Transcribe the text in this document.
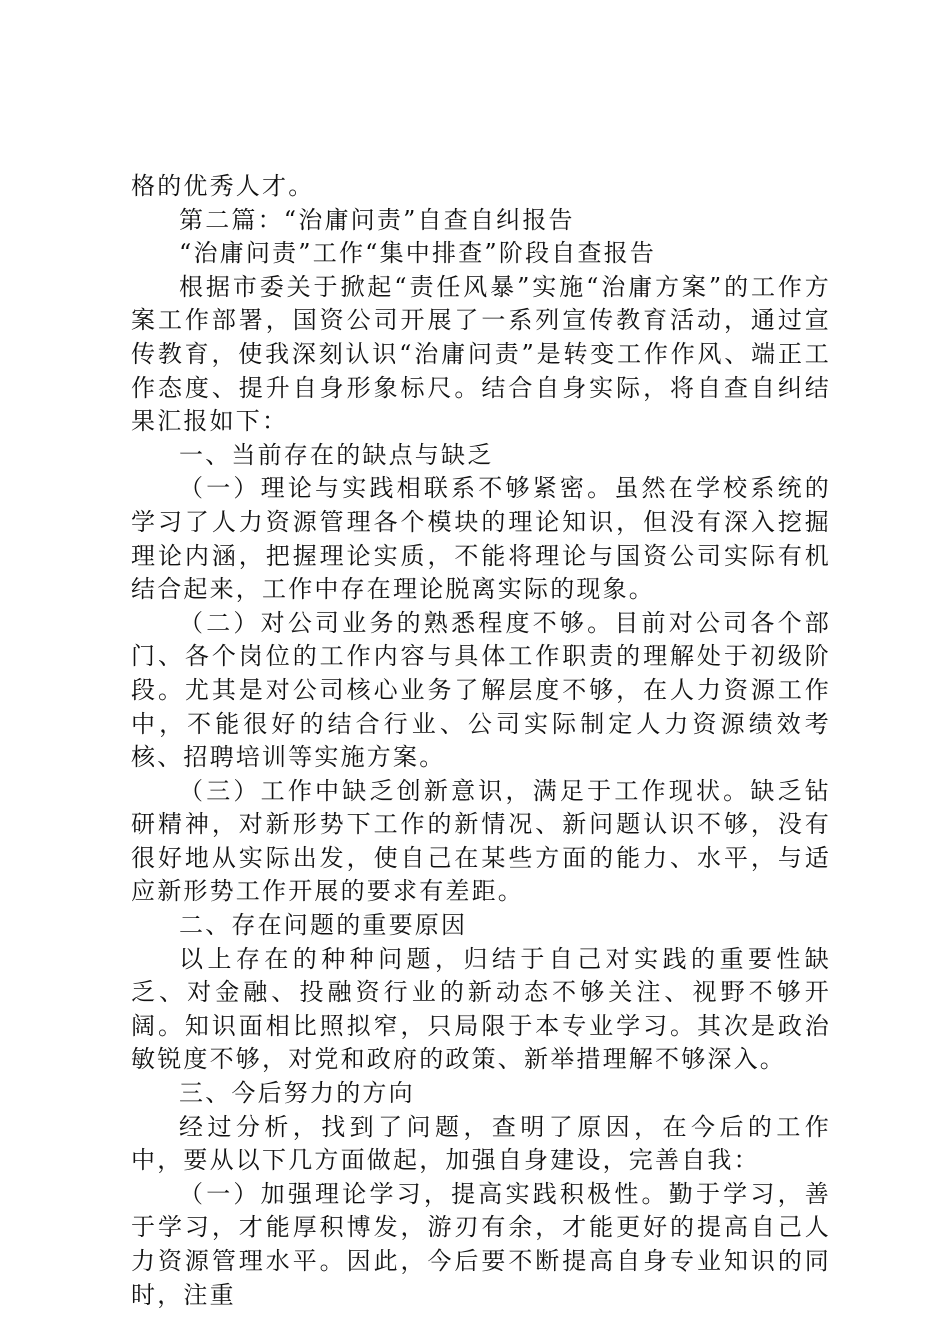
格的优秀人才。

第二篇：“治庸问责”自查自纠报告

“治庸问责”工作“集中排查”阶段自查报告

根据市委关于掀起“责任风暴”实施“治庸方案”的工作方案工作部署，国资公司开展了一系列宣传教育活动，通过宣传教育，使我深刻认识“治庸问责”是转变工作作风、端正工作态度、提升自身形象标尺。结合自身实际，将自查自纠结果汇报如下：

一、当前存在的缺点与缺乏

（一）理论与实践相联系不够紧密。虽然在学校系统的学习了人力资源管理各个模块的理论知识，但没有深入挖掘理论内涵，把握理论实质，不能将理论与国资公司实际有机结合起来，工作中存在理论脱离实际的现象。

（二）对公司业务的熟悉程度不够。目前对公司各个部门、各个岗位的工作内容与具体工作职责的理解处于初级阶段。尤其是对公司核心业务了解层度不够，在人力资源工作中，不能很好的结合行业、公司实际制定人力资源绩效考核、招聘培训等实施方案。

（三）工作中缺乏创新意识，满足于工作现状。缺乏钻研精神，对新形势下工作的新情况、新问题认识不够，没有很好地从实际出发，使自己在某些方面的能力、水平，与适应新形势工作开展的要求有差距。

二、存在问题的重要原因

以上存在的种种问题，归结于自己对实践的重要性缺乏、对金融、投融资行业的新动态不够关注、视野不够开阔。知识面相比照拟窄，只局限于本专业学习。其次是政治敏锐度不够，对党和政府的政策、新举措理解不够深入。

三、今后努力的方向

经过分析，找到了问题，查明了原因，在今后的工作中，要从以下几方面做起，加强自身建设，完善自我：

（一）加强理论学习，提高实践积极性。勤于学习，善于学习，才能厚积博发，游刃有余，才能更好的提高自己人力资源管理水平。因此，今后要不断提高自身专业知识的同时，注重
